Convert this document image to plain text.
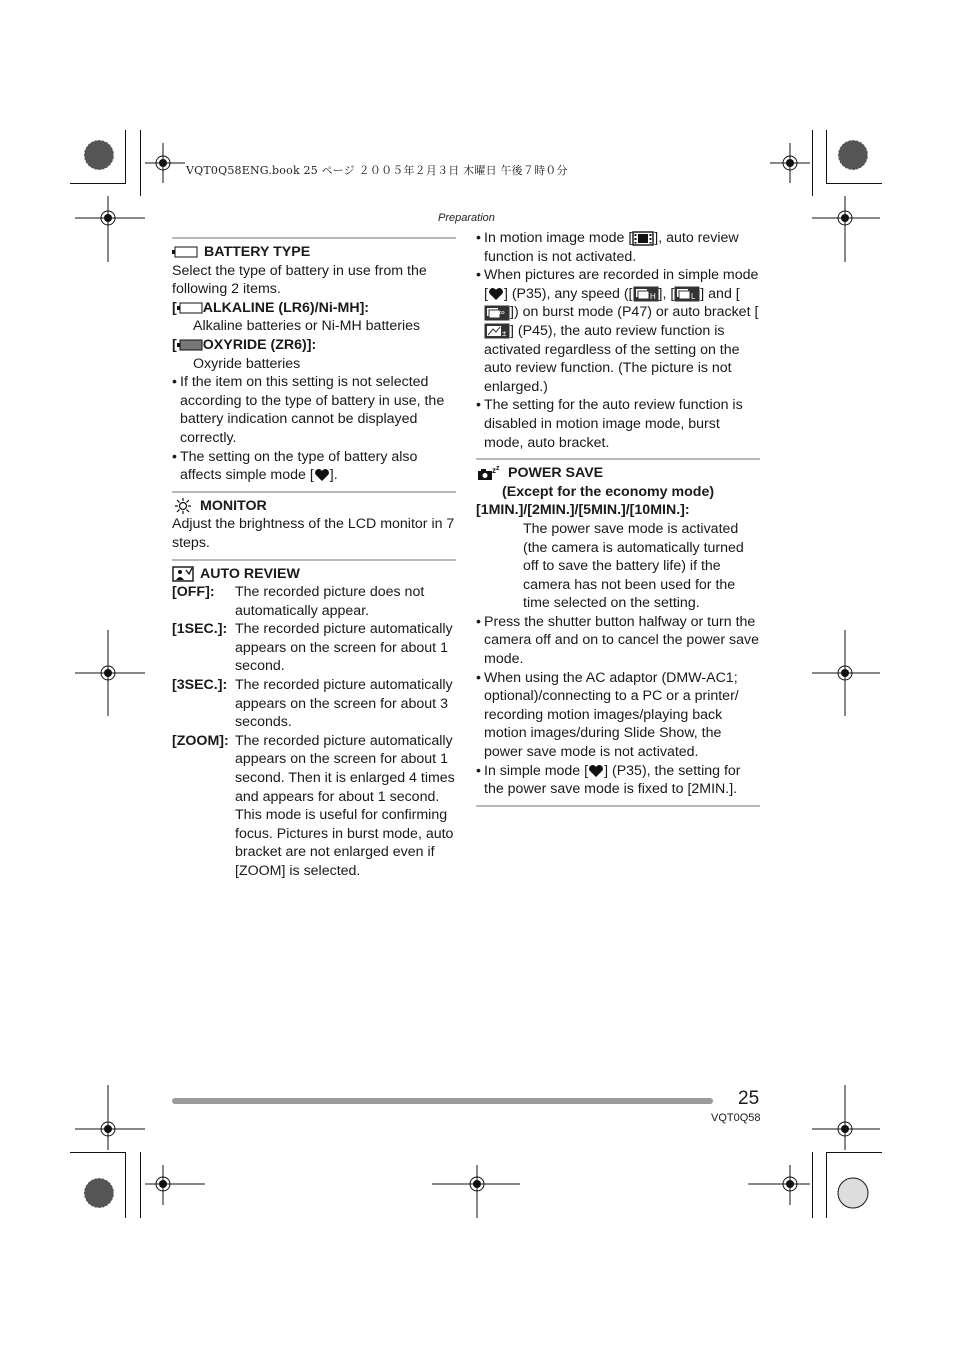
VQT0Q58ENG.book 25 ページ ２００５年２月３日 木曜日 午後７時０分
Preparation
BATTERY TYPE

Select the type of battery in use from the following 2 items.

[ ALKALINE (LR6)/Ni-MH]:

Alkaline batteries or Ni-MH batteries

[ OXYRIDE (ZR6)]:

Oxyride batteries

• If the item on this setting is not selected according to the type of battery in use, the battery indication cannot be displayed correctly.
• The setting on the type of battery also affects simple mode [ ].
MONITOR

Adjust the brightness of the LCD monitor in 7 steps.

AUTO REVIEW
[OFF]:	The recorded picture does not automatically appear.
[1SEC.]: The recorded picture automatically appears on the screen for about 1 second.
[3SEC.]: The recorded picture automatically appears on the screen for about 3 seconds.
[ZOOM]: The recorded picture automatically appears on the screen for about 1 second. Then it is enlarged 4 times and appears for about 1 second. This mode is useful for confirming focus. Pictures in burst mode, auto bracket are not enlarged even if [ZOOM] is selected.
• In motion image mode [ ], auto review function is not activated.
• When pictures are recorded in simple mode [ ] (P35), any speed ([ H ], [ L ] and [
∞ ]) on burst mode (P47) or auto bracket [
± ] (P45), the auto review function is activated regardless of the setting on the auto review function. (The picture is not enlarged.)
• The setting for the auto review function is disabled in motion image mode, burst mode, auto bracket.
z z POWER SAVE
(Except for the economy mode)
[1MIN.]/[2MIN.]/[5MIN.]/[10MIN.]:

The power save mode is activated (the camera is automatically turned off to save the battery life) if the camera has not been used for the time selected on the setting.

• Press the shutter button halfway or turn the camera off and on to cancel the power save mode.
• When using the AC adaptor (DMW-AC1; optional)/connecting to a PC or a printer/ recording motion images/playing back motion images/during Slide Show, the power save mode is not activated.
• In simple mode [ ] (P35), the setting for the power save mode is fixed to [2MIN.].
25
VQT0Q58
